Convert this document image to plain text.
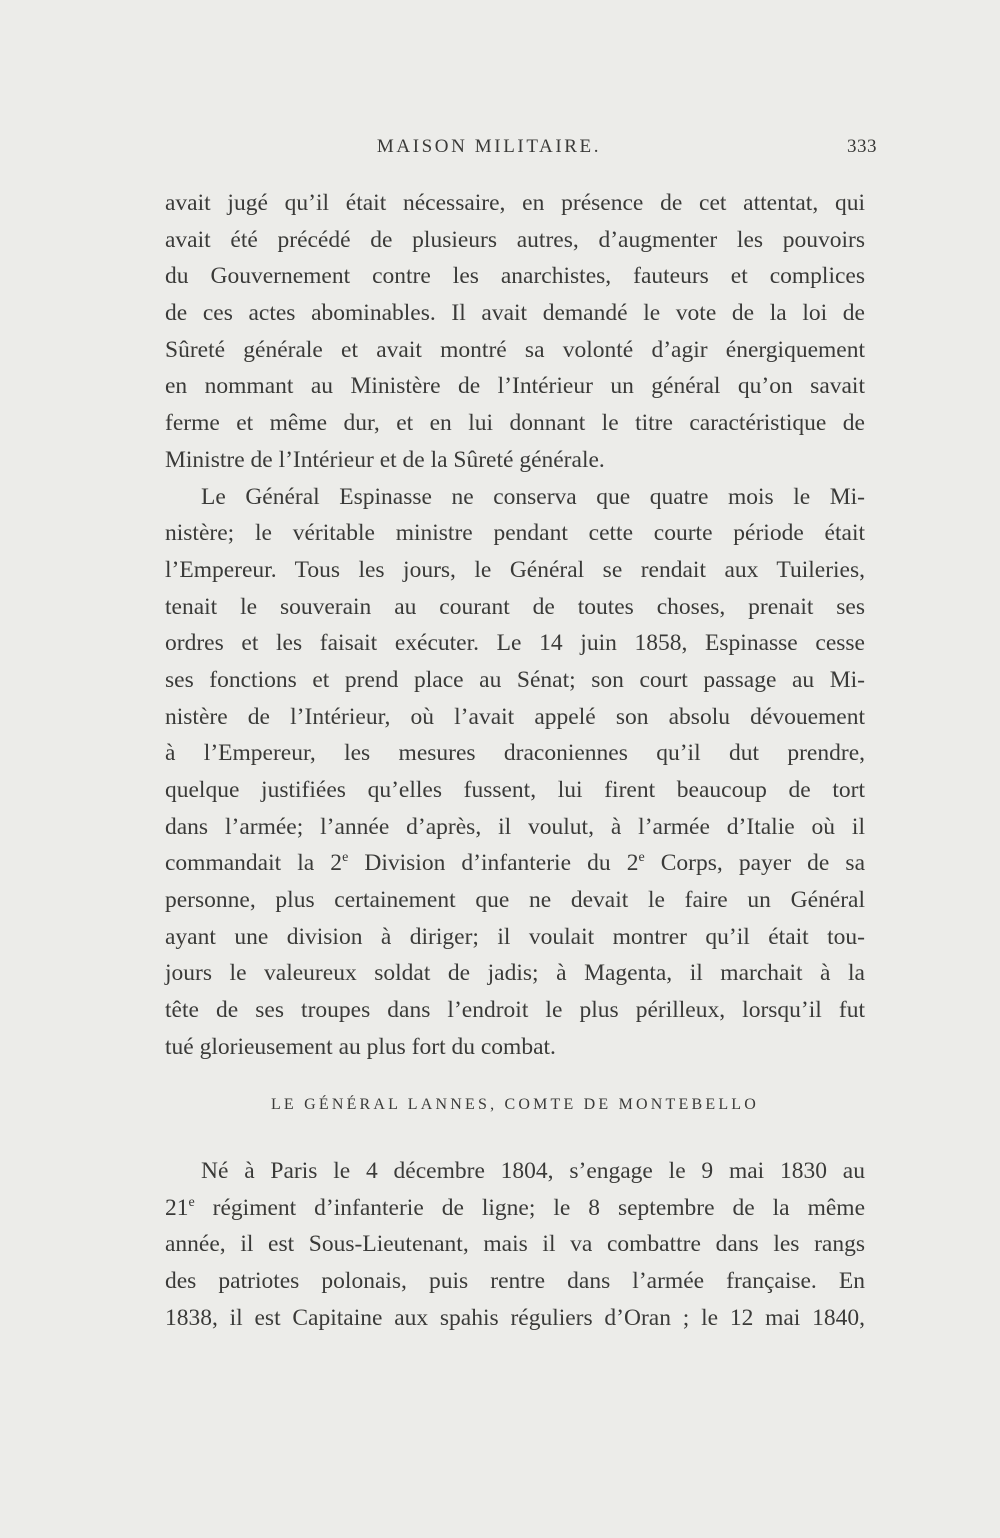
MAISON MILITAIRE.	333
avait jugé qu’il était nécessaire, en présence de cet attentat, qui
avait été précédé de plusieurs autres, d’augmenter les pouvoirs
du Gouvernement contre les anarchistes, fauteurs et complices
de ces actes abominables. Il avait demandé le vote de la loi de
Sûreté générale et avait montré sa volonté d’agir énergiquement
en nommant au Ministère de l’Intérieur un général qu’on savait
ferme et même dur, et en lui donnant le titre caractéristique de
Ministre de l’Intérieur et de la Sûreté générale.
Le Général Espinasse ne conserva que quatre mois le Mi-
nistère; le véritable ministre pendant cette courte période était
l’Empereur. Tous les jours, le Général se rendait aux Tuileries,
tenait le souverain au courant de toutes choses, prenait ses
ordres et les faisait exécuter. Le 14 juin 1858, Espinasse cesse
ses fonctions et prend place au Sénat; son court passage au Mi-
nistère de l’Intérieur, où l’avait appelé son absolu dévouement
à l’Empereur, les mesures draconiennes qu’il dut prendre,
quelque justifiées qu’elles fussent, lui firent beaucoup de tort
dans l’armée; l’année d’après, il voulut, à l’armée d’Italie où il
commandait la 2e Division d’infanterie du 2e Corps, payer de sa
personne, plus certainement que ne devait le faire un Général
ayant une division à diriger; il voulait montrer qu’il était tou-
jours le valeureux soldat de jadis; à Magenta, il marchait à la
tête de ses troupes dans l’endroit le plus périlleux, lorsqu’il fut
tué glorieusement au plus fort du combat.
LE GÉNÉRAL LANNES, COMTE DE MONTEBELLO
Né à Paris le 4 décembre 1804, s’engage le 9 mai 1830 au
21e régiment d’infanterie de ligne; le 8 septembre de la même
année, il est Sous-Lieutenant, mais il va combattre dans les rangs
des patriotes polonais, puis rentre dans l’armée française. En
1838, il est Capitaine aux spahis réguliers d’Oran ; le 12 mai 1840,
